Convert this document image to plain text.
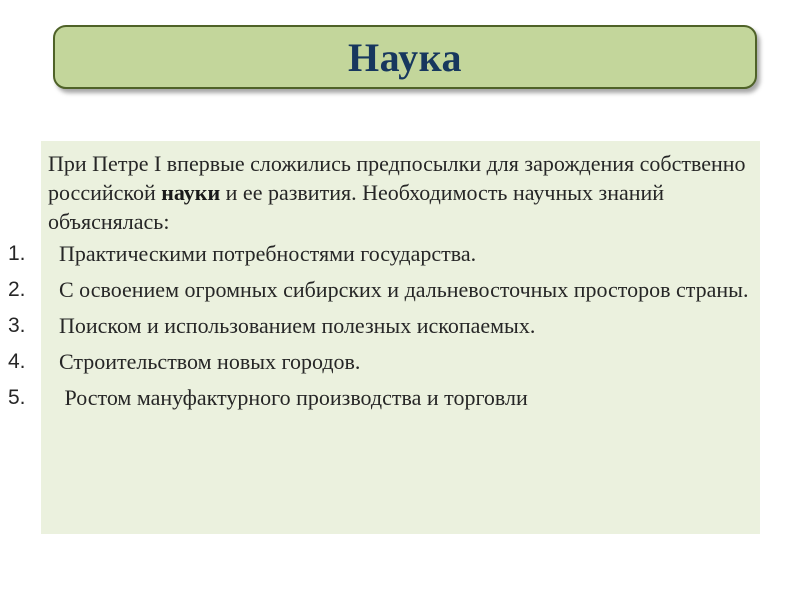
Наука

При Петре I впервые сложились предпосылки для зарождения собственно российской науки и ее развития. Необходимость научных знаний объяснялась:

1. Практическими потребностями государства.
2. С освоением огромных сибирских и дальневосточных просторов страны.
3. Поиском и использованием полезных ископаемых.
4. Строительством новых городов.
5. Ростом мануфактурного производства и торговли
